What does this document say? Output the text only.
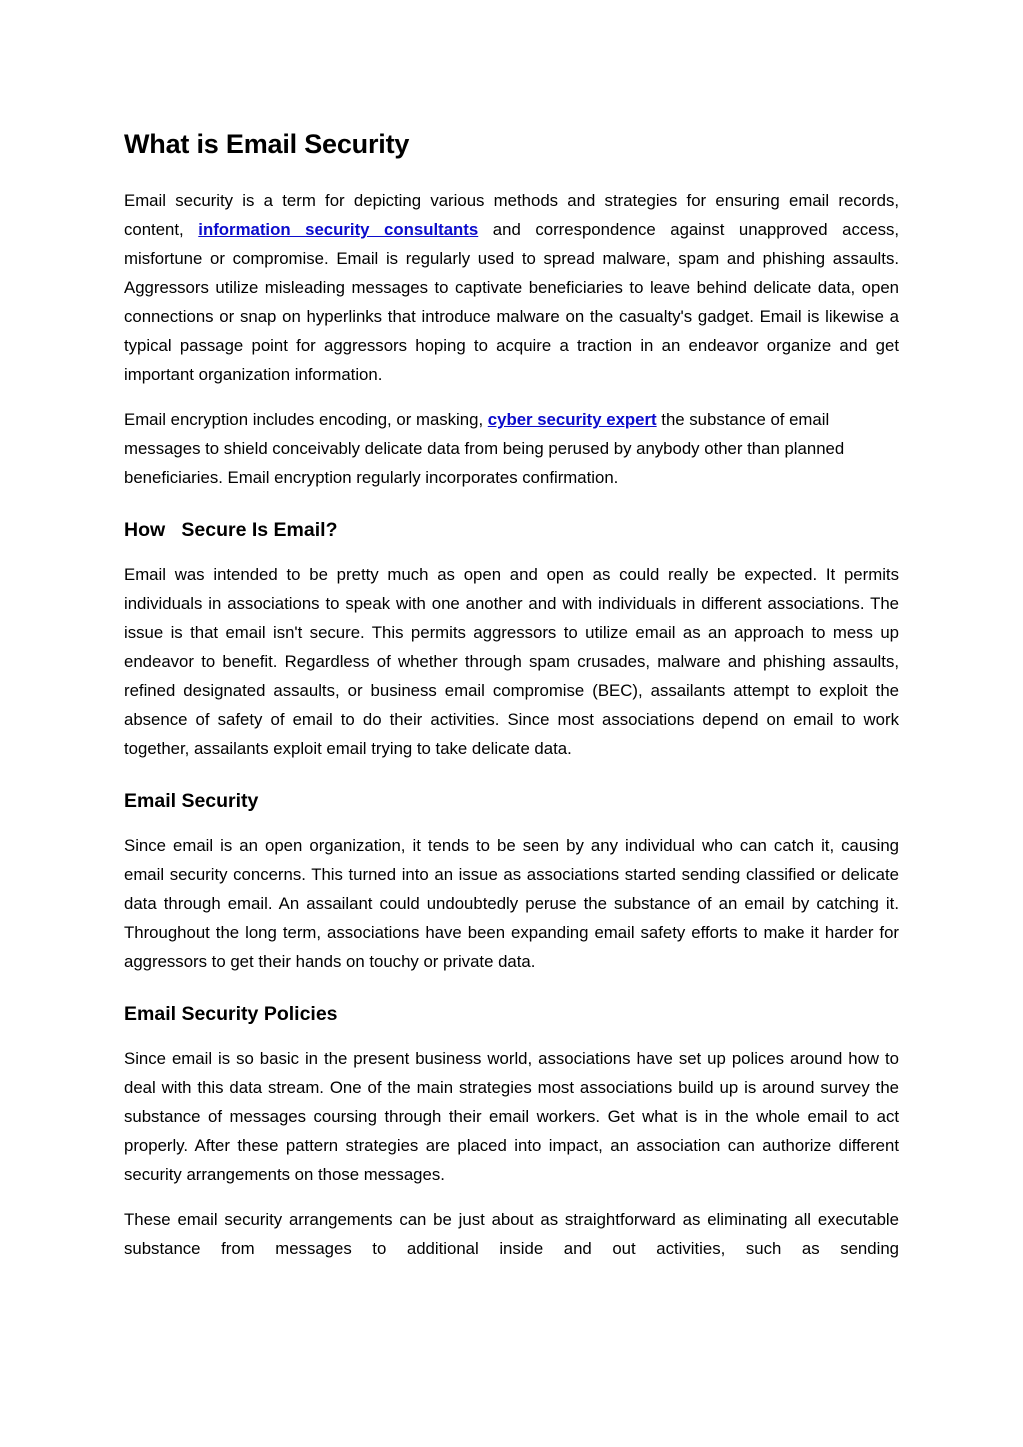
What is Email Security

Email security is a term for depicting various methods and strategies for ensuring email records, content, information security consultants and correspondence against unapproved access, misfortune or compromise. Email is regularly used to spread malware, spam and phishing assaults. Aggressors utilize misleading messages to captivate beneficiaries to leave behind delicate data, open connections or snap on hyperlinks that introduce malware on the casualty's gadget. Email is likewise a typical passage point for aggressors hoping to acquire a traction in an endeavor organize and get important organization information.

Email encryption includes encoding, or masking, cyber security expert the substance of email messages to shield conceivably delicate data from being perused by anybody other than planned beneficiaries. Email encryption regularly incorporates confirmation.

How   Secure Is Email?

Email was intended to be pretty much as open and open as could really be expected. It permits individuals in associations to speak with one another and with individuals in different associations. The issue is that email isn't secure. This permits aggressors to utilize email as an approach to mess up endeavor to benefit. Regardless of whether through spam crusades, malware and phishing assaults, refined designated assaults, or business email compromise (BEC), assailants attempt to exploit the absence of safety of email to do their activities. Since most associations depend on email to work together, assailants exploit email trying to take delicate data.

Email Security

Since email is an open organization, it tends to be seen by any individual who can catch it, causing email security concerns. This turned into an issue as associations started sending classified or delicate data through email. An assailant could undoubtedly peruse the substance of an email by catching it. Throughout the long term, associations have been expanding email safety efforts to make it harder for aggressors to get their hands on touchy or private data.

Email Security Policies

Since email is so basic in the present business world, associations have set up polices around how to deal with this data stream. One of the main strategies most associations build up is around survey the substance of messages coursing through their email workers. Get what is in the whole email to act properly. After these pattern strategies are placed into impact, an association can authorize different security arrangements on those messages.

These email security arrangements can be just about as straightforward as eliminating all executable substance from messages to additional inside and out activities, such as sending
